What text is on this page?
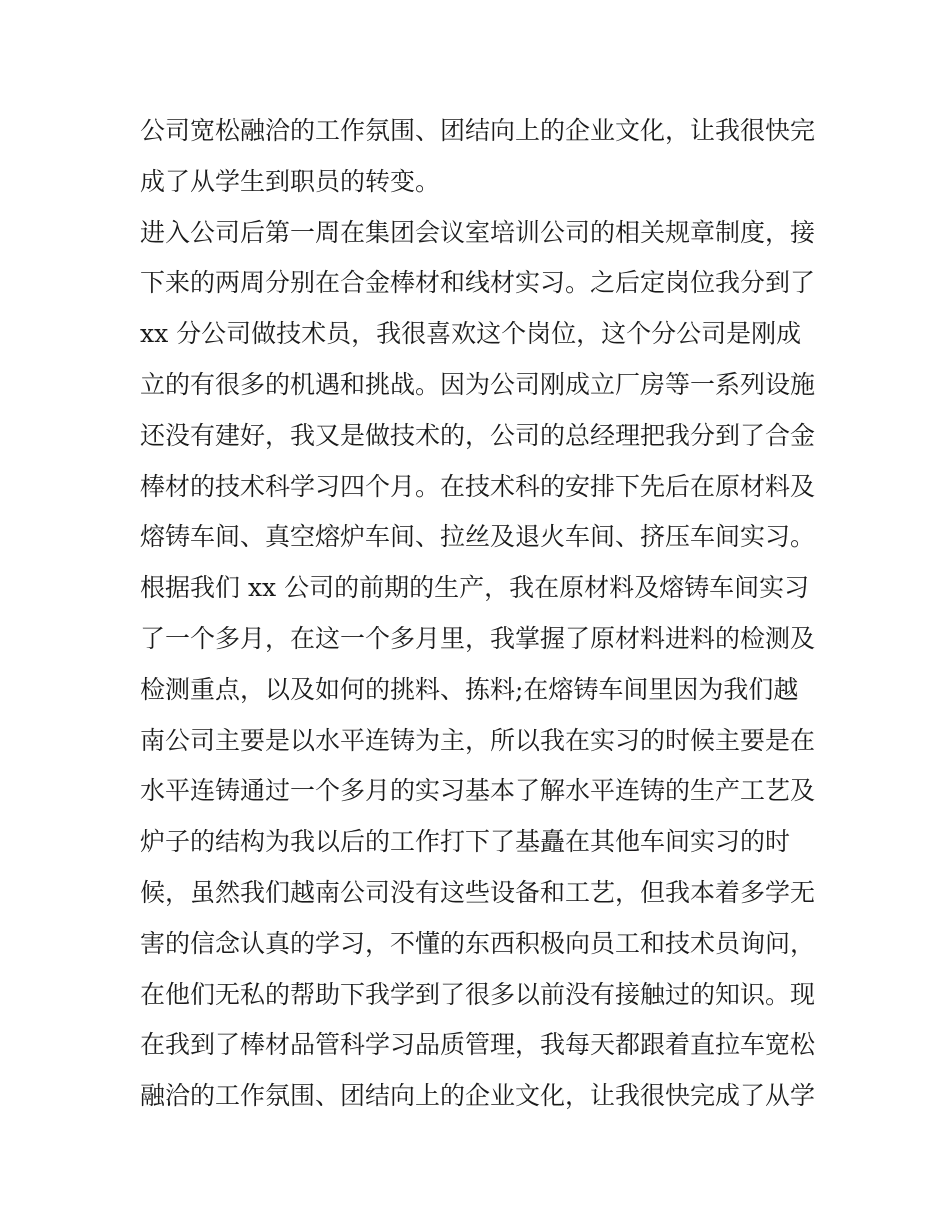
公司宽松融洽的工作氛围、团结向上的企业文化，让我很快完
成了从学生到职员的转变。
进入公司后第一周在集团会议室培训公司的相关规章制度，接
下来的两周分别在合金棒材和线材实习。之后定岗位我分到了
xx 分公司做技术员，我很喜欢这个岗位，这个分公司是刚成
立的有很多的机遇和挑战。因为公司刚成立厂房等一系列设施
还没有建好，我又是做技术的，公司的总经理把我分到了合金
棒材的技术科学习四个月。在技术科的安排下先后在原材料及
熔铸车间、真空熔炉车间、拉丝及退火车间、挤压车间实习。
根据我们 xx 公司的前期的生产，我在原材料及熔铸车间实习
了一个多月，在这一个多月里，我掌握了原材料进料的检测及
检测重点，以及如何的挑料、拣料;在熔铸车间里因为我们越
南公司主要是以水平连铸为主，所以我在实习的时候主要是在
水平连铸通过一个多月的实习基本了解水平连铸的生产工艺及
炉子的结构为我以后的工作打下了基矗在其他车间实习的时
候，虽然我们越南公司没有这些设备和工艺，但我本着多学无
害的信念认真的学习，不懂的东西积极向员工和技术员询问，
在他们无私的帮助下我学到了很多以前没有接触过的知识。现
在我到了棒材品管科学习品质管理，我每天都跟着直拉车宽松
融洽的工作氛围、团结向上的企业文化，让我很快完成了从学
